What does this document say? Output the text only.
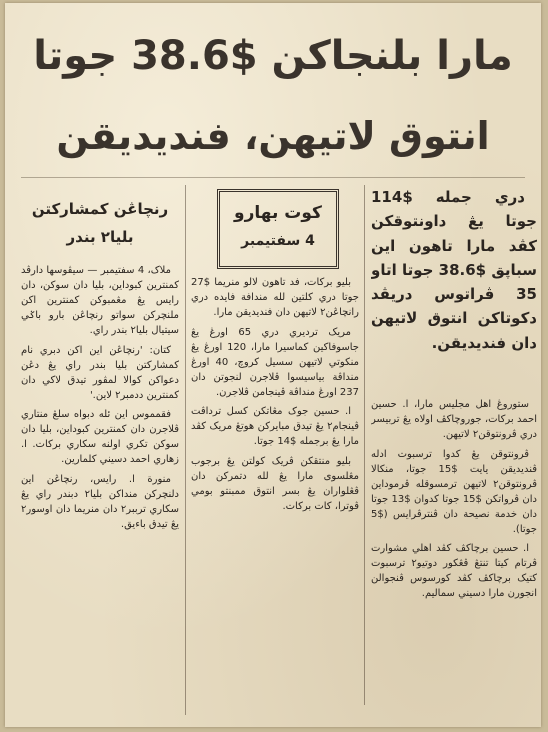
مارا بلنجاکن $38.6 جوتا
انتوق لاتيهن، فنديديقن

دري جمله $114 جوتا يڠ داونتوقکن کڤد مارا تاهون اين سباڽق $38.6 جوتا اتاو 35 ڤراتوس دريڤد دکوتاکن انتوق لاتيهن دان فنديديقن.

ستوروڠ اهل مجليس مارا، ا. حسين احمد برکات، جوروچاکڤ اولاه يڠ تربيسر دري ڤرونتوقن٢ لاتيهن.

ڤرونتوقن يڠ کدوا ترسبوت ادله ڤنديديقن يايت $15 جوتا، منکالا ڤرونتوقن٢ لاتيهن ترمسوقله ڤرموداين دان ڤرواتکن $15 جوتا کدوان $13 جوتا دان خدمة نصيحة دان ڤنترڤرايس ($5 جوتا).

ا. حسين برچاکڤ کڤد اهلي مشوارت ڤرتام کيتا تنتڠ ڤڠکور دوتيو٢ ترسبوت کتيک برچاکڤ کڤد کورسوس ڤنجوالن انجورن مارا دسيني سماليم.

کوت بهارو
4 سفتيمبر

بليو برکات، فد تاهون لالو منريما $27 جوتا دري کلتين لله مندافة فايده دري رانچاڠن٢ لاتيهن دان فنديديقن مارا.

مريک ترديري دري 65 اورڠ يڠ جاسوفاکين کماسيرا مارا، 120 اورڠ يڠ منکوتي لاتيهن سسيل کروچ، 40 اورڠ منداڤة بياسيسوا ڤلاجرن لنجوتن دان 237 اورڠ منداڤة ڤينجامن ڤلاجرن.

ا. حسين جوک مڠاتکن کسل ترداڤت ڤينجام٢ يڠ تيدق مبايرکن هوتڠ مريک کڤد مارا يڠ برجمله $14 جوتا.

بليو منتقکن ڤريک کولتن يڠ برجوب مڠلسوی مارا يڠ لله دتمرکن دان ڤڠلواران يڠ بسر انتوق ممبنتو بومي ڤوترا، کات برکات.

رنچاڠن کمشارکتن
بليا٢ بندر

ملاک، 4 سفتيمبر — سيڤوسها دارڤد کمنترين کبوداين، بليا دان سوکن، دان رايس يڠ مڠمبوکن کمنترين اکن ملنچرکن سواتو رنچاڠن بارو باݢي سيتيال بليا٢ بندر راي.

کتان: 'رنچاڠن اين اکن دبري نام کمشارکتن بليا بندر راي يڠ دڠن دعواکن کوالا لمڤور تيدق لاکي دان کمنترين ددمبر٢ لاين.'

فقمموس اين ئله دبواه سلڠ منتاري ڤلاجرن دان کمنترين کبوداين، بليا دان سوکن تکري اولنه سکاري برکات. ا. زهاري احمد دسيني کلمارين.

منورة ا. رايس، رنچاڠن اين دلنچرکن منداکن بليا٢ دبندر راي يڠ سکاري ترببر٢ دان منريما دان اوسور٢ يڠ تيدق باءيق.
